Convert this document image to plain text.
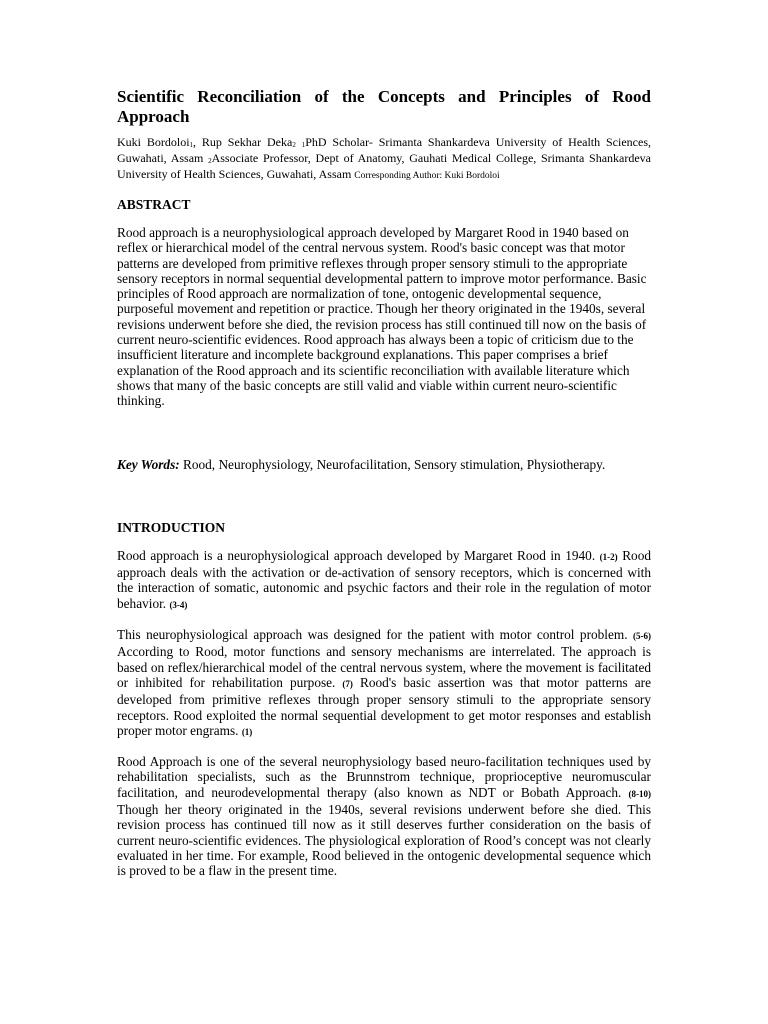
Scientific Reconciliation of the Concepts and Principles of Rood Approach

Kuki Bordoloi$_1$, Rup Sekhar Deka$_2$ $_1$PhD Scholar- Srimanta Shankardeva University of Health Sciences, Guwahati, Assam $_2$Associate Professor, Dept of Anatomy, Gauhati Medical College, Srimanta Shankardeva University of Health Sciences, Guwahati, Assam Corresponding Author: Kuki Bordoloi

ABSTRACT

Rood approach is a neurophysiological approach developed by Margaret Rood in 1940 based on reflex or hierarchical model of the central nervous system. Rood's basic concept was that motor patterns are developed from primitive reflexes through proper sensory stimuli to the appropriate sensory receptors in normal sequential developmental pattern to improve motor performance. Basic principles of Rood approach are normalization of tone, ontogenic developmental sequence, purposeful movement and repetition or practice. Though her theory originated in the 1940s, several revisions underwent before she died, the revision process has still continued till now on the basis of current neuro-scientific evidences. Rood approach has always been a topic of criticism due to the insufficient literature and incomplete background explanations. This paper comprises a brief explanation of the Rood approach and its scientific reconciliation with available literature which shows that many of the basic concepts are still valid and viable within current neuro-scientific thinking.

Key Words: Rood, Neurophysiology, Neurofacilitation, Sensory stimulation, Physiotherapy.

INTRODUCTION

Rood approach is a neurophysiological approach developed by Margaret Rood in 1940. (1-2) Rood approach deals with the activation or de-activation of sensory receptors, which is concerned with the interaction of somatic, autonomic and psychic factors and their role in the regulation of motor behavior. (3-4)

This neurophysiological approach was designed for the patient with motor control problem. (5-6) According to Rood, motor functions and sensory mechanisms are interrelated. The approach is based on reflex/hierarchical model of the central nervous system, where the movement is facilitated or inhibited for rehabilitation purpose. (7) Rood's basic assertion was that motor patterns are developed from primitive reflexes through proper sensory stimuli to the appropriate sensory receptors. Rood exploited the normal sequential development to get motor responses and establish proper motor engrams. (1)

Rood Approach is one of the several neurophysiology based neuro-facilitation techniques used by rehabilitation specialists, such as the Brunnstrom technique, proprioceptive neuromuscular facilitation, and neurodevelopmental therapy (also known as NDT or Bobath Approach. (8-10) Though her theory originated in the 1940s, several revisions underwent before she died. This revision process has continued till now as it still deserves further consideration on the basis of current neuro-scientific evidences. The physiological exploration of Rood’s concept was not clearly evaluated in her time. For example, Rood believed in the ontogenic developmental sequence which is proved to be a flaw in the present time.
